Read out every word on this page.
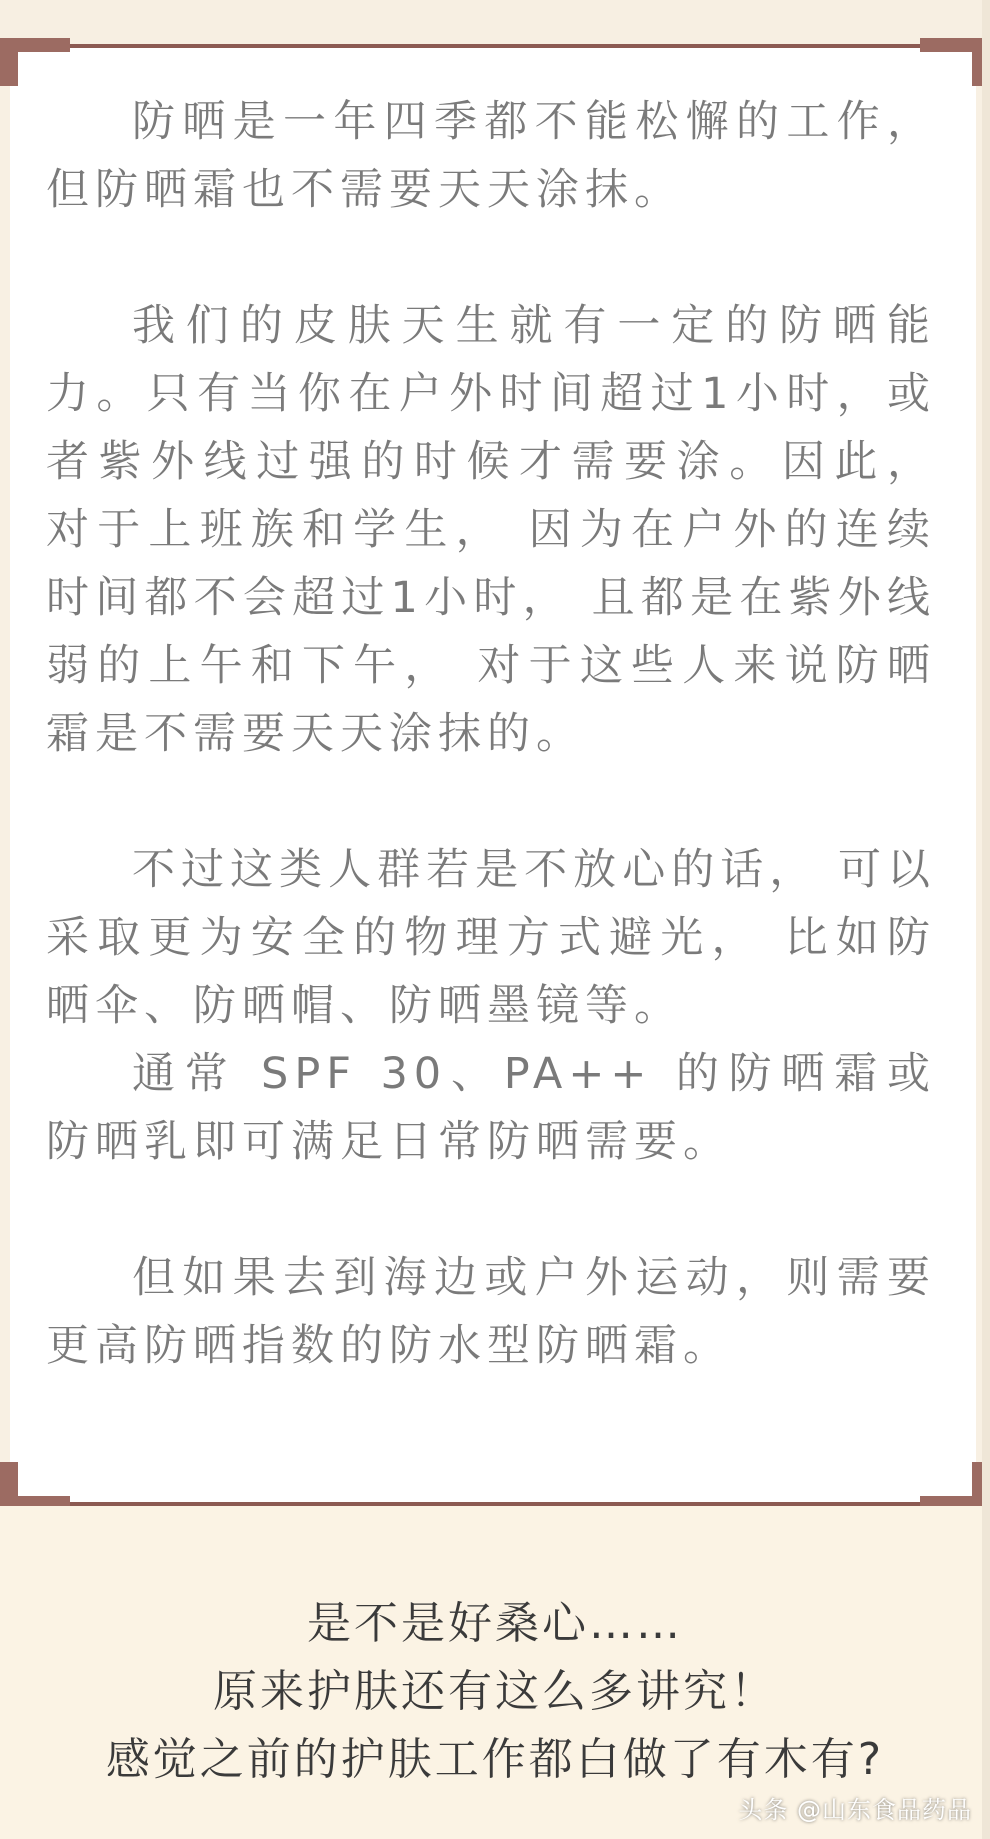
防晒是一年四季都不能松懈的工作， 但防晒霜也不需要天天涂抹。

我们的皮肤天生就有一定的防晒能力。只有当你在户外时间超过1小时，或者紫外线过强的时候才需要涂。因此， 对于上班族和学生， 因为在户外的连续时间都不会超过1小时， 且都是在紫外线弱的上午和下午， 对于这些人来说防晒霜是不需要天天涂抹的。

不过这类人群若是不放心的话， 可以采取更为安全的物理方式避光， 比如防晒伞、防晒帽、防晒墨镜等。

通常 SPF 30、PA++ 的防晒霜或防晒乳即可满足日常防晒需要。

但如果去到海边或户外运动，则需要更高防晒指数的防水型防晒霜。

是不是好桑心……
原来护肤还有这么多讲究！
感觉之前的护肤工作都白做了有木有?
头条 @山东食品药品
